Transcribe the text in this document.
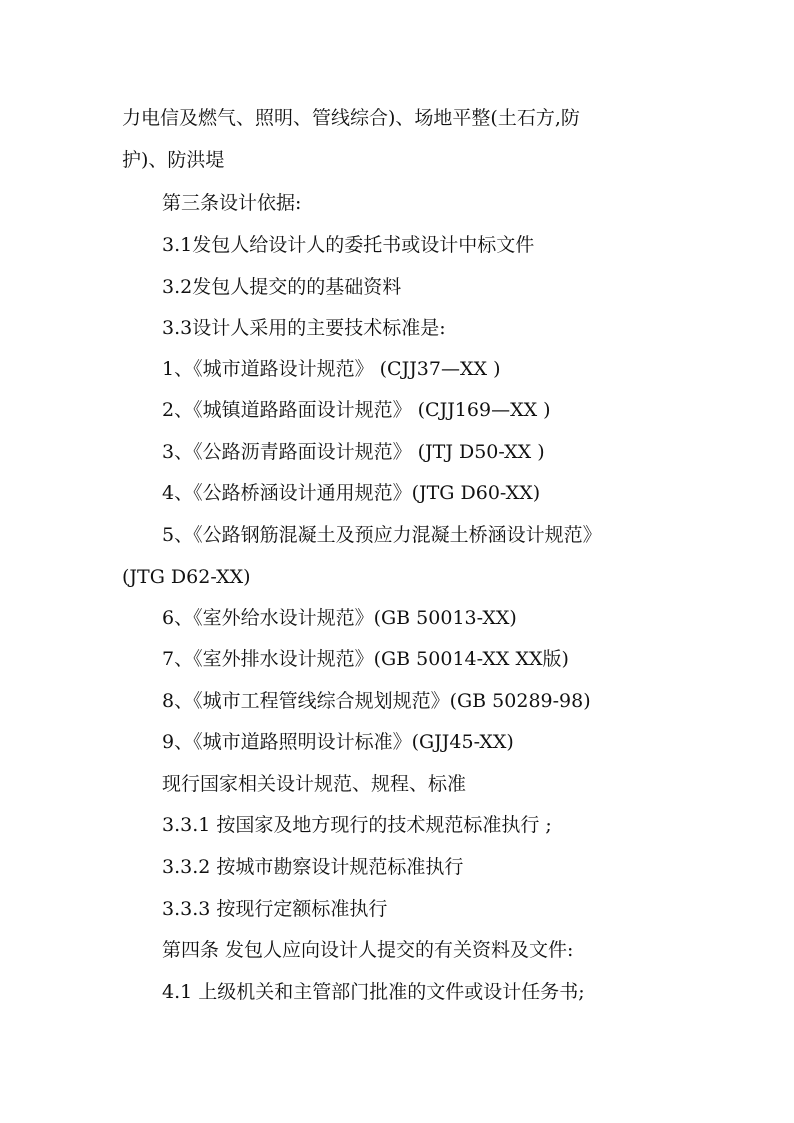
力电信及燃气、照明、管线综合)、场地平整(土石方,防
护)、防洪堤
第三条设计依据:
3.1发包人给设计人的委托书或设计中标文件
3.2发包人提交的的基础资料
3.3设计人采用的主要技术标准是:
1、《城市道路设计规范》 (CJJ37—XX )
2、《城镇道路路面设计规范》 (CJJ169—XX )
3、《公路沥青路面设计规范》 (JTJ D50-XX )
4、《公路桥涵设计通用规范》(JTG D60-XX)
5、《公路钢筋混凝土及预应力混凝土桥涵设计规范》
(JTG D62-XX)
6、《室外给水设计规范》(GB 50013-XX)
7、《室外排水设计规范》(GB 50014-XX XX版)
8、《城市工程管线综合规划规范》(GB 50289-98)
9、《城市道路照明设计标准》(GJJ45-XX)
现行国家相关设计规范、规程、标准
3.3.1 按国家及地方现行的技术规范标准执行 ;
3.3.2 按城市勘察设计规范标准执行
3.3.3 按现行定额标准执行
第四条 发包人应向设计人提交的有关资料及文件:
4.1 上级机关和主管部门批准的文件或设计任务书;
